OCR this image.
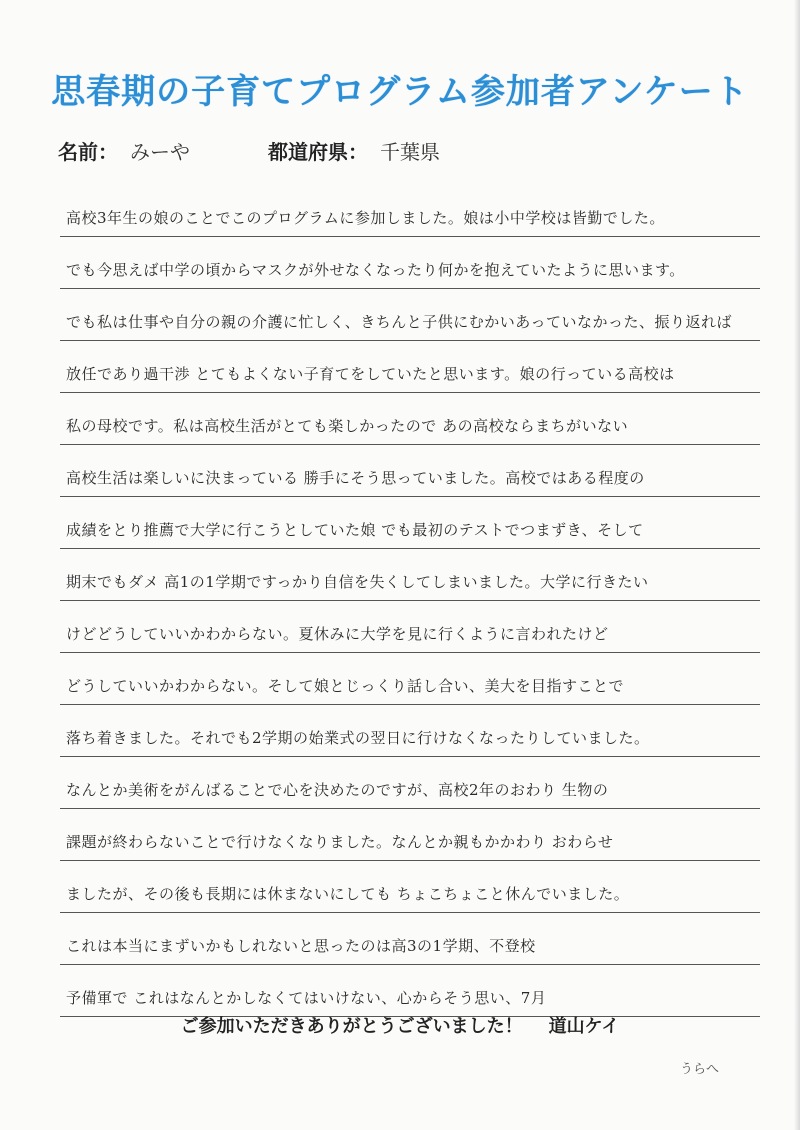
思春期の子育てプログラム参加者アンケート
名前： みーや	都道府県： 千葉県
高校3年生の娘のことでこのプログラムに参加しました。娘は小中学校は皆勤でした。
でも今思えば中学の頃からマスクが外せなくなったり何かを抱えていたように思います。
でも私は仕事や自分の親の介護に忙しく、きちんと子供にむかいあっていなかった、振り返れば
放任であり過干渉 とてもよくない子育てをしていたと思います。娘の行っている高校は
私の母校です。私は高校生活がとても楽しかったので あの高校ならまちがいない
高校生活は楽しいに決まっている 勝手にそう思っていました。高校ではある程度の
成績をとり推薦で大学に行こうとしていた娘 でも最初のテストでつまずき、そして
期末でもダメ 高1の1学期ですっかり自信を失くしてしまいました。大学に行きたい
けどどうしていいかわからない。夏休みに大学を見に行くように言われたけど
どうしていいかわからない。そして娘とじっくり話し合い、美大を目指すことで
落ち着きました。それでも2学期の始業式の翌日に行けなくなったりしていました。
なんとか美術をがんばることで心を決めたのですが、高校2年のおわり 生物の
課題が終わらないことで行けなくなりました。なんとか親もかかわり おわらせ
ましたが、その後も長期には休まないにしても ちょこちょこと休んでいました。
これは本当にまずいかもしれないと思ったのは高3の1学期、不登校
予備軍で これはなんとかしなくてはいけない、心からそう思い、7月
ご参加いただきありがとうございました！ 道山ケイ
うらへ
